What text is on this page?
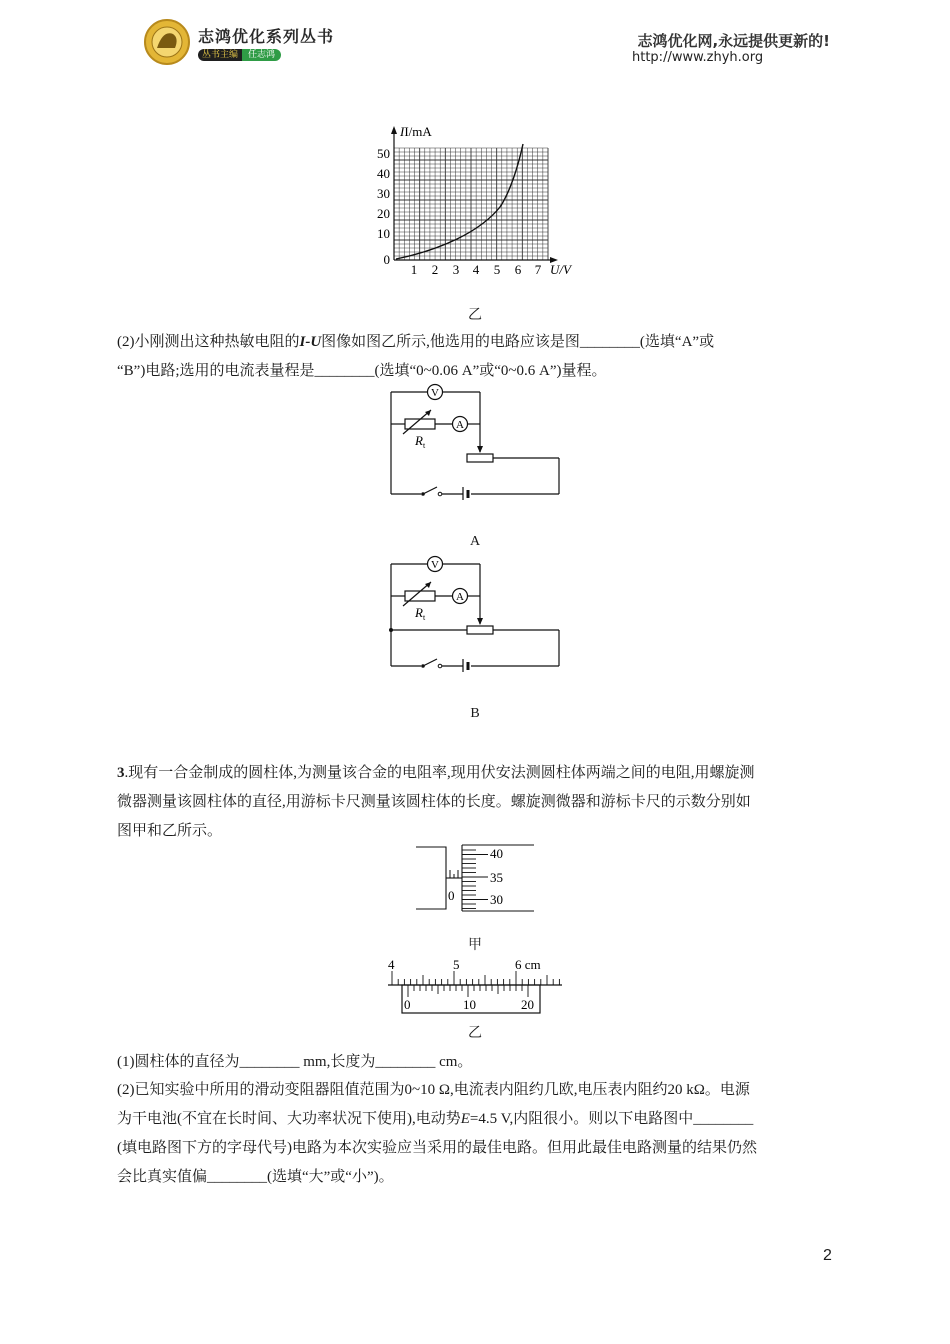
志鸿优化系列丛书
丛书主编 任志鸿
志鸿优化网,永远提供更新的!
http://www.zhyh.org
II/mA
50
40
30
20
10
0
1 2 3 4 5 6 7 U/V
乙

(2)小刚测出这种热敏电阻的I-U图像如图乙所示,他选用的电路应该是图________(选填“A”或

“B”)电路;选用的电流表量程是________(选填“0~0.06 A”或“0~0.6 A”)量程。

V
A
$R_t$
A
V
A
$R_t$
B

3.现有一合金制成的圆柱体,为测量该合金的电阻率,现用伏安法测圆柱体两端之间的电阻,用螺旋测

微器测量该圆柱体的直径,用游标卡尺测量该圆柱体的长度。螺旋测微器和游标卡尺的示数分别如

图甲和乙所示。

40
35
30
0
甲
4	5	6 cm
0	10	20
乙

(1)圆柱体的直径为________ mm,长度为________ cm。

(2)已知实验中所用的滑动变阻器阻值范围为0~10 Ω,电流表内阻约几欧,电压表内阻约20 kΩ。电源

为干电池(不宜在长时间、大功率状况下使用),电动势E=4.5 V,内阻很小。则以下电路图中________

(填电路图下方的字母代号)电路为本次实验应当采用的最佳电路。但用此最佳电路测量的结果仍然

会比真实值偏________(选填“大”或“小”)。

2
